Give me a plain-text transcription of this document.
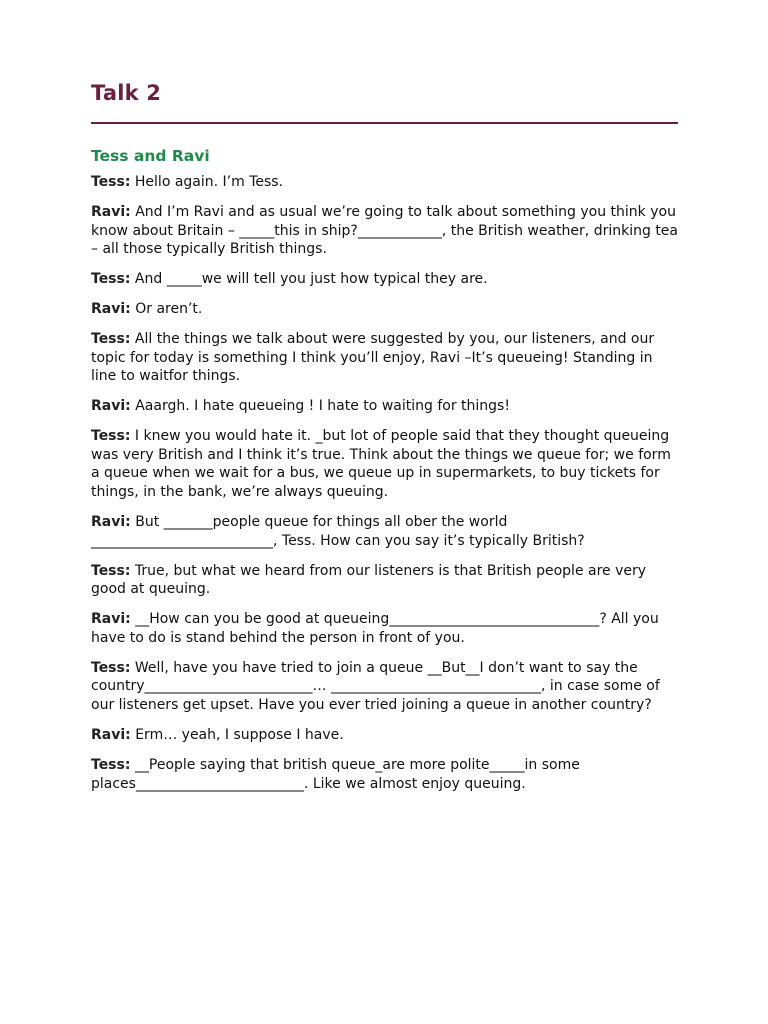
Talk 2
Tess and Ravi

Tess: Hello again. I’m Tess.

Ravi: And I’m Ravi and as usual we’re going to talk about something you think you know about Britain – _____this in ship?____________, the British weather, drinking tea – all those typically British things.

Tess: And _____we will tell you just how typical they are.

Ravi: Or aren’t.

Tess: All the things we talk about were suggested by you, our listeners, and our topic for today is something I think you’ll enjoy, Ravi –It’s queueing! Standing in line to waitfor things.

Ravi: Aaargh. I hate queueing ! I hate to waiting for things!

Tess: I knew you would hate it. _but lot of people said that they thought queueing was very British and I think it’s true. Think about the things we queue for; we form a queue when we wait for a bus, we queue up in supermarkets, to buy tickets for things, in the bank, we’re always queuing.

Ravi: But _______people queue for things all ober the world __________________________, Tess. How can you say it’s typically British?

Tess: True, but what we heard from our listeners is that British people are very good at queuing.

Ravi: __How can you be good at queueing______________________________? All you have to do is stand behind the person in front of you.

Tess: Well, have you have tried to join a queue __But__I don’t want to say the country________________________… ______________________________, in case some of our listeners get upset. Have you ever tried joining a queue in another country?

Ravi: Erm… yeah, I suppose I have.

Tess: __People saying that british queue_are more polite_____in some places________________________. Like we almost enjoy queuing.
